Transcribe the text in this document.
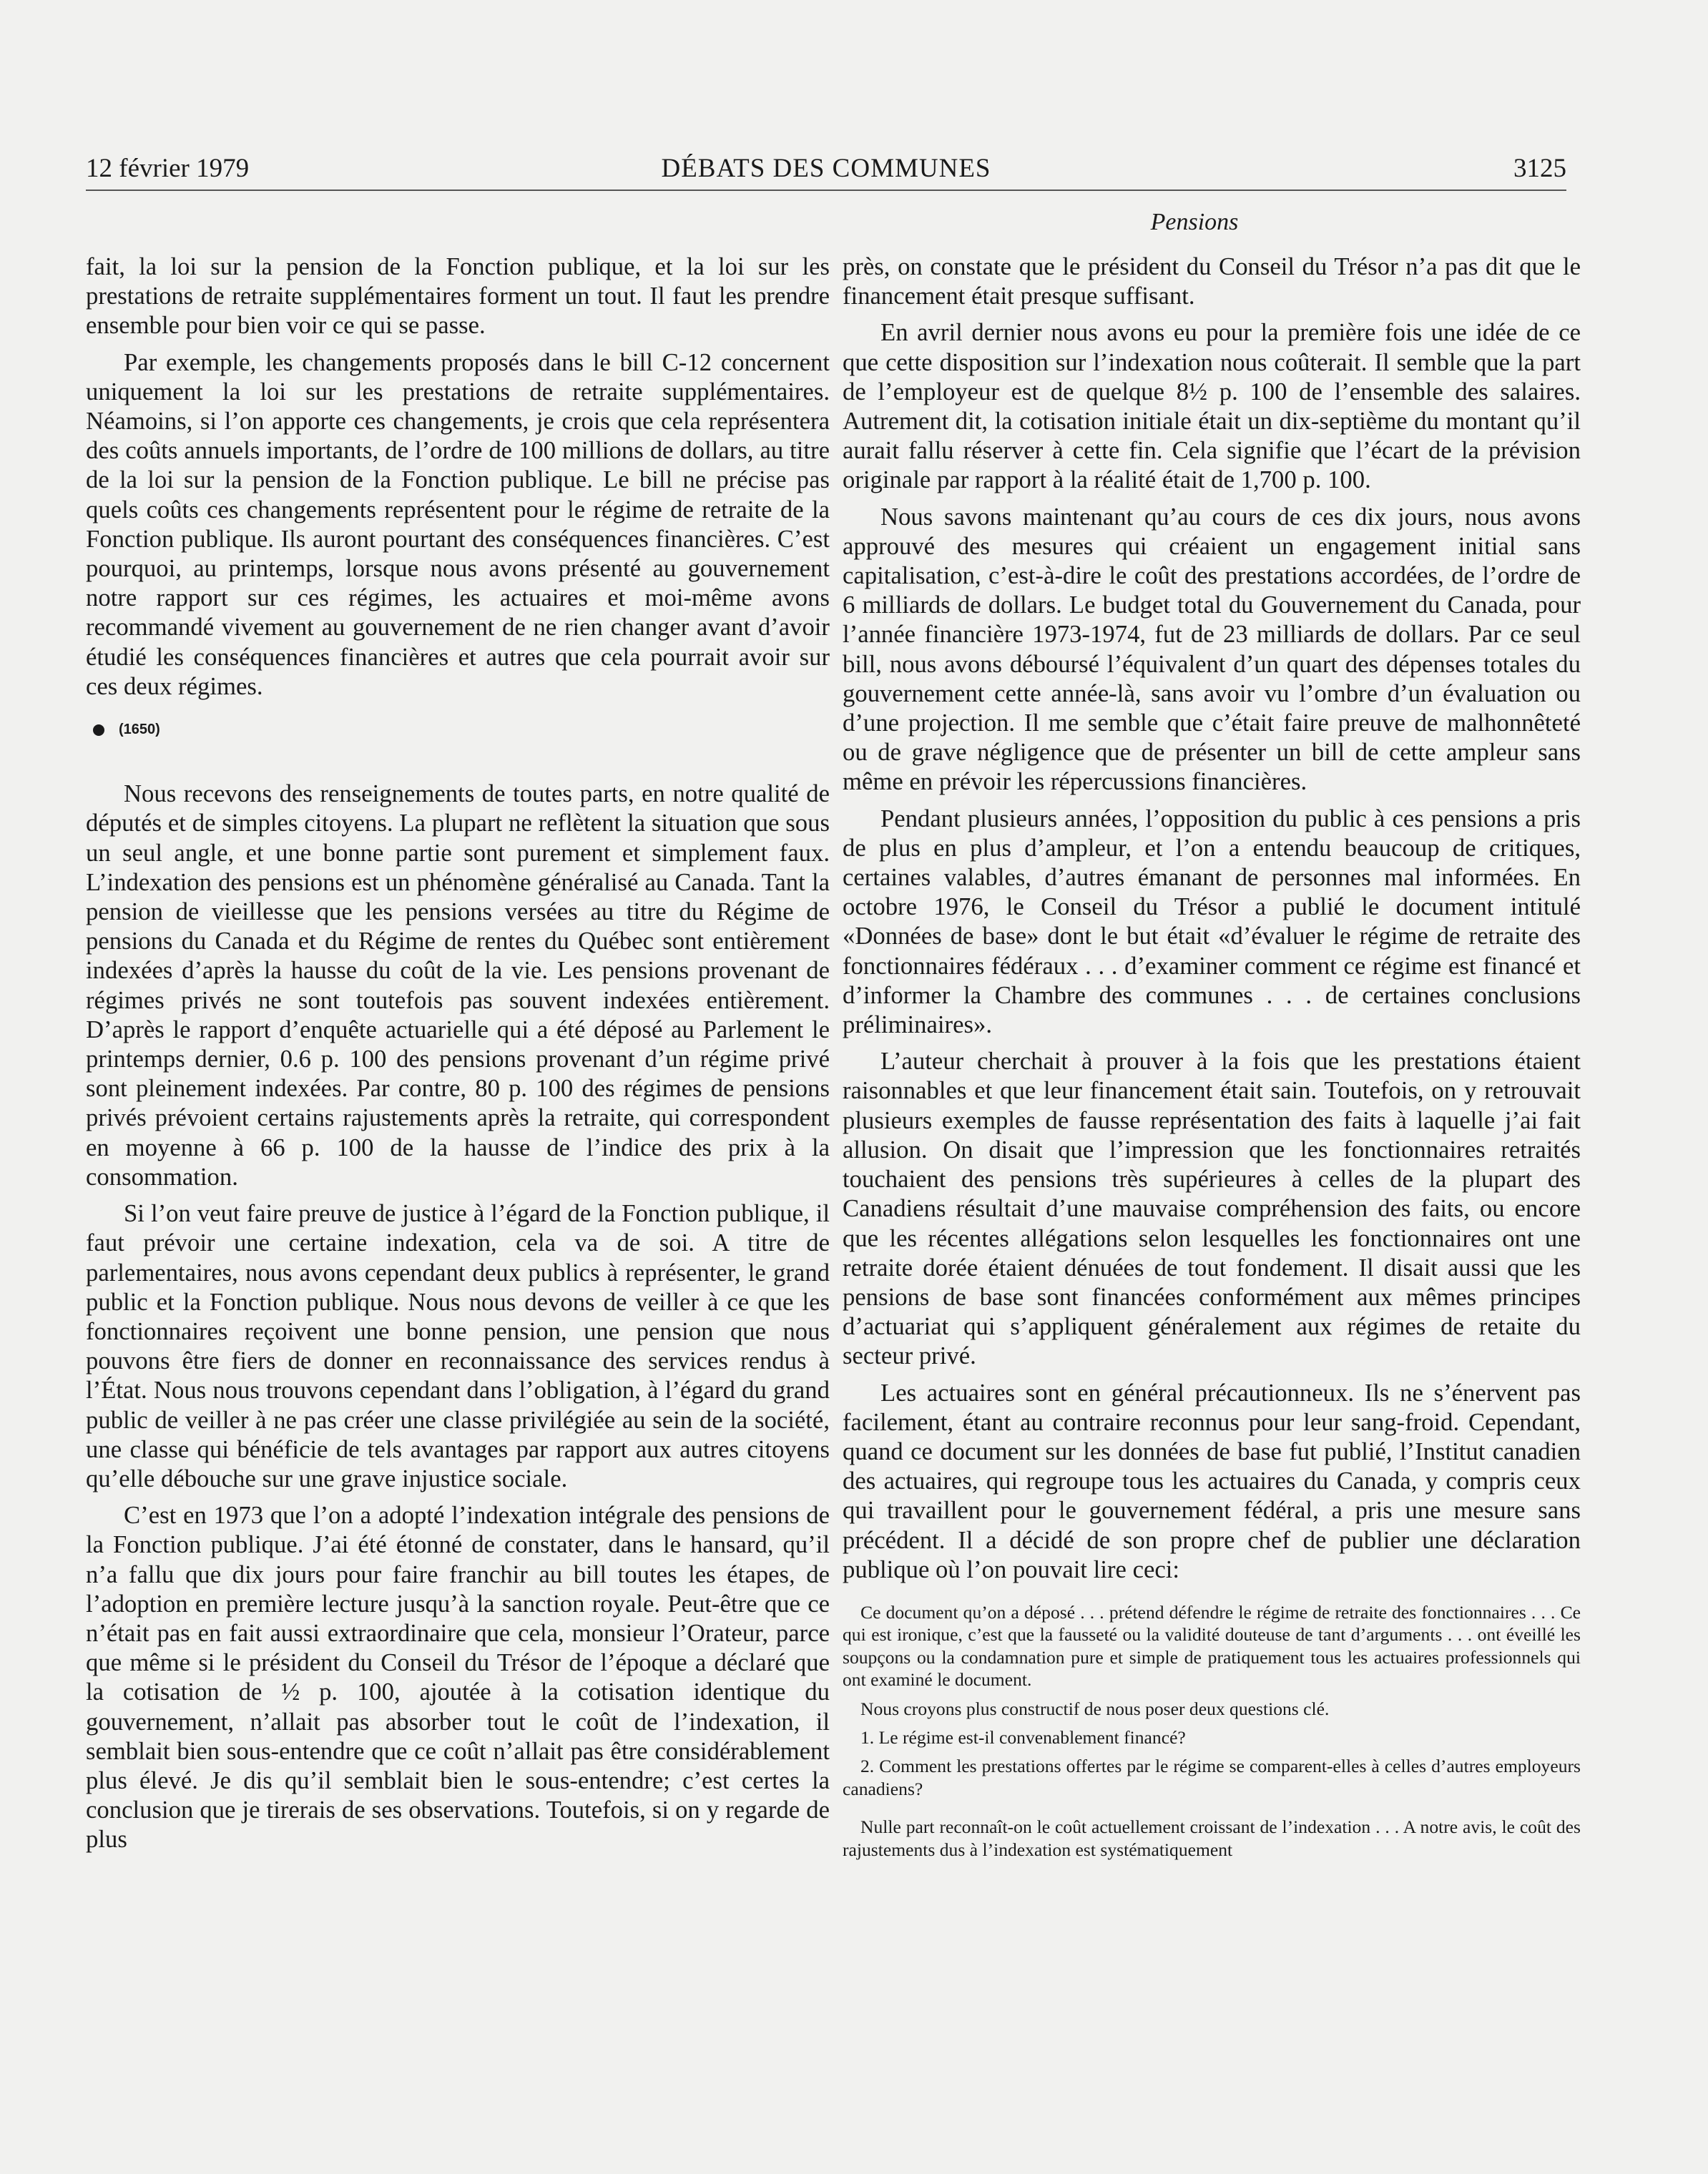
12 février 1979	DÉBATS DES COMMUNES	3125
Pensions

fait, la loi sur la pension de la Fonction publique, et la loi sur les prestations de retraite supplémentaires forment un tout. Il faut les prendre ensemble pour bien voir ce qui se passe.

Par exemple, les changements proposés dans le bill C-12 concernent uniquement la loi sur les prestations de retraite supplémentaires. Néamoins, si l’on apporte ces changements, je crois que cela représentera des coûts annuels importants, de l’ordre de 100 millions de dollars, au titre de la loi sur la pension de la Fonction publique. Le bill ne précise pas quels coûts ces changements représentent pour le régime de retraite de la Fonction publique. Ils auront pourtant des conséquences financières. C’est pourquoi, au printemps, lorsque nous avons présenté au gouvernement notre rapport sur ces régimes, les actuaires et moi-même avons recommandé vivement au gouvernement de ne rien changer avant d’avoir étudié les conséquences financières et autres que cela pourrait avoir sur ces deux régimes.

(1650)

Nous recevons des renseignements de toutes parts, en notre qualité de députés et de simples citoyens. La plupart ne reflètent la situation que sous un seul angle, et une bonne partie sont purement et simplement faux. L’indexation des pensions est un phénomène généralisé au Canada. Tant la pension de vieillesse que les pensions versées au titre du Régime de pensions du Canada et du Régime de rentes du Québec sont entièrement indexées d’après la hausse du coût de la vie. Les pensions provenant de régimes privés ne sont toutefois pas souvent indexées entièrement. D’après le rapport d’enquête actuarielle qui a été déposé au Parlement le printemps dernier, 0.6 p. 100 des pensions provenant d’un régime privé sont pleinement indexées. Par contre, 80 p. 100 des régimes de pensions privés prévoient certains rajustements après la retraite, qui correspondent en moyenne à 66 p. 100 de la hausse de l’indice des prix à la consommation.

Si l’on veut faire preuve de justice à l’égard de la Fonction publique, il faut prévoir une certaine indexation, cela va de soi. A titre de parlementaires, nous avons cependant deux publics à représenter, le grand public et la Fonction publique. Nous nous devons de veiller à ce que les fonctionnaires reçoivent une bonne pension, une pension que nous pouvons être fiers de donner en reconnaissance des services rendus à l’État. Nous nous trouvons cependant dans l’obligation, à l’égard du grand public de veiller à ne pas créer une classe privilégiée au sein de la société, une classe qui bénéficie de tels avantages par rapport aux autres citoyens qu’elle débouche sur une grave injustice sociale.

C’est en 1973 que l’on a adopté l’indexation intégrale des pensions de la Fonction publique. J’ai été étonné de constater, dans le hansard, qu’il n’a fallu que dix jours pour faire franchir au bill toutes les étapes, de l’adoption en première lecture jusqu’à la sanction royale. Peut-être que ce n’était pas en fait aussi extraordinaire que cela, monsieur l’Orateur, parce que même si le président du Conseil du Trésor de l’époque a déclaré que la cotisation de ½ p. 100, ajoutée à la cotisation identique du gouvernement, n’allait pas absorber tout le coût de l’indexation, il semblait bien sous-entendre que ce coût n’allait pas être considérablement plus élevé. Je dis qu’il semblait bien le sous-entendre; c’est certes la conclusion que je tirerais de ses observations. Toutefois, si on y regarde de plus

près, on constate que le président du Conseil du Trésor n’a pas dit que le financement était presque suffisant.

En avril dernier nous avons eu pour la première fois une idée de ce que cette disposition sur l’indexation nous coûterait. Il semble que la part de l’employeur est de quelque 8½ p. 100 de l’ensemble des salaires. Autrement dit, la cotisation initiale était un dix-septième du montant qu’il aurait fallu réserver à cette fin. Cela signifie que l’écart de la prévision originale par rapport à la réalité était de 1,700 p. 100.

Nous savons maintenant qu’au cours de ces dix jours, nous avons approuvé des mesures qui créaient un engagement initial sans capitalisation, c’est-à-dire le coût des prestations accordées, de l’ordre de 6 milliards de dollars. Le budget total du Gouvernement du Canada, pour l’année financière 1973-1974, fut de 23 milliards de dollars. Par ce seul bill, nous avons déboursé l’équivalent d’un quart des dépenses totales du gouvernement cette année-là, sans avoir vu l’ombre d’un évaluation ou d’une projection. Il me semble que c’était faire preuve de malhonnêteté ou de grave négligence que de présenter un bill de cette ampleur sans même en prévoir les répercussions financières.

Pendant plusieurs années, l’opposition du public à ces pensions a pris de plus en plus d’ampleur, et l’on a entendu beaucoup de critiques, certaines valables, d’autres émanant de personnes mal informées. En octobre 1976, le Conseil du Trésor a publié le document intitulé «Données de base» dont le but était «d’évaluer le régime de retraite des fonctionnaires fédéraux . . . d’examiner comment ce régime est financé et d’informer la Chambre des communes . . . de certaines conclusions préliminaires».

L’auteur cherchait à prouver à la fois que les prestations étaient raisonnables et que leur financement était sain. Toutefois, on y retrouvait plusieurs exemples de fausse représentation des faits à laquelle j’ai fait allusion. On disait que l’impression que les fonctionnaires retraités touchaient des pensions très supérieures à celles de la plupart des Canadiens résultait d’une mauvaise compréhension des faits, ou encore que les récentes allégations selon lesquelles les fonctionnaires ont une retraite dorée étaient dénuées de tout fondement. Il disait aussi que les pensions de base sont financées conformément aux mêmes principes d’actuariat qui s’appliquent généralement aux régimes de retaite du secteur privé.

Les actuaires sont en général précautionneux. Ils ne s’énervent pas facilement, étant au contraire reconnus pour leur sang-froid. Cependant, quand ce document sur les données de base fut publié, l’Institut canadien des actuaires, qui regroupe tous les actuaires du Canada, y compris ceux qui travaillent pour le gouvernement fédéral, a pris une mesure sans précédent. Il a décidé de son propre chef de publier une déclaration publique où l’on pouvait lire ceci:

Ce document qu’on a déposé . . . prétend défendre le régime de retraite des fonctionnaires . . . Ce qui est ironique, c’est que la fausseté ou la validité douteuse de tant d’arguments . . . ont éveillé les soupçons ou la condamnation pure et simple de pratiquement tous les actuaires professionnels qui ont examiné le document.

Nous croyons plus constructif de nous poser deux questions clé.

1. Le régime est-il convenablement financé?

2. Comment les prestations offertes par le régime se comparent-elles à celles d’autres employeurs canadiens?

Nulle part reconnaît-on le coût actuellement croissant de l’indexation . . . A notre avis, le coût des rajustements dus à l’indexation est systématiquement
